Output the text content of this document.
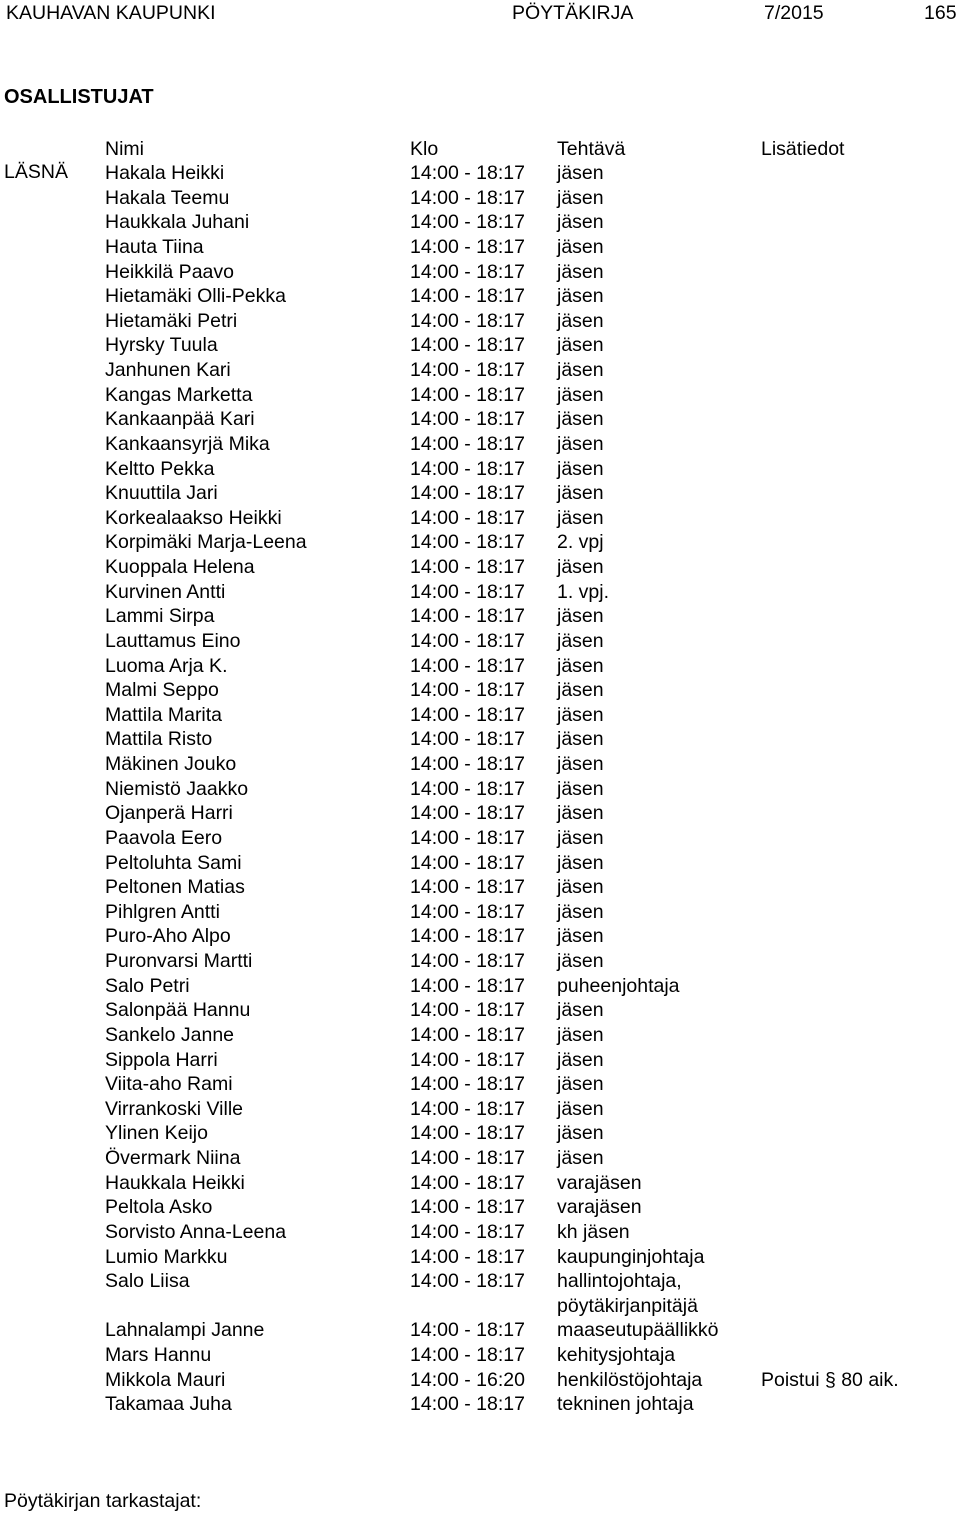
KAUHAVAN KAUPUNKI	PÖYTÄKIRJA	7/2015	165
OSALLISTUJAT
Nimi	Klo	Tehtävä	Lisätiedot
LÄSNÄ Hakala Heikki	14:00 - 18:17 jäsen
Hakala Teemu	14:00 - 18:17 jäsen
Haukkala Juhani	14:00 - 18:17 jäsen
Hauta Tiina	14:00 - 18:17 jäsen
Heikkilä Paavo	14:00 - 18:17 jäsen
Hietamäki Olli-Pekka	14:00 - 18:17 jäsen
Hietamäki Petri	14:00 - 18:17 jäsen
Hyrsky Tuula	14:00 - 18:17 jäsen
Janhunen Kari	14:00 - 18:17 jäsen
Kangas Marketta	14:00 - 18:17 jäsen
Kankaanpää Kari	14:00 - 18:17 jäsen
Kankaansyrjä Mika	14:00 - 18:17 jäsen
Keltto Pekka	14:00 - 18:17 jäsen
Knuuttila Jari	14:00 - 18:17 jäsen
Korkealaakso Heikki	14:00 - 18:17 jäsen
Korpimäki Marja-Leena	14:00 - 18:17 2. vpj
Kuoppala Helena	14:00 - 18:17 jäsen
Kurvinen Antti	14:00 - 18:17 1. vpj.
Lammi Sirpa	14:00 - 18:17 jäsen
Lauttamus Eino	14:00 - 18:17 jäsen
Luoma Arja K.	14:00 - 18:17 jäsen
Malmi Seppo	14:00 - 18:17 jäsen
Mattila Marita	14:00 - 18:17 jäsen
Mattila Risto	14:00 - 18:17 jäsen
Mäkinen Jouko	14:00 - 18:17 jäsen
Niemistö Jaakko	14:00 - 18:17 jäsen
Ojanperä Harri	14:00 - 18:17 jäsen
Paavola Eero	14:00 - 18:17 jäsen
Peltoluhta Sami	14:00 - 18:17 jäsen
Peltonen Matias	14:00 - 18:17 jäsen
Pihlgren Antti	14:00 - 18:17 jäsen
Puro-Aho Alpo	14:00 - 18:17 jäsen
Puronvarsi Martti	14:00 - 18:17 jäsen
Salo Petri	14:00 - 18:17 puheenjohtaja
Salonpää Hannu	14:00 - 18:17 jäsen
Sankelo Janne	14:00 - 18:17 jäsen
Sippola Harri	14:00 - 18:17 jäsen
Viita-aho Rami	14:00 - 18:17 jäsen
Virrankoski Ville	14:00 - 18:17 jäsen
Ylinen Keijo	14:00 - 18:17 jäsen
Övermark Niina	14:00 - 18:17 jäsen
Haukkala Heikki	14:00 - 18:17 varajäsen
Peltola Asko	14:00 - 18:17 varajäsen
Sorvisto Anna-Leena	14:00 - 18:17 kh jäsen
Lumio Markku	14:00 - 18:17 kaupunginjohtaja
Salo Liisa	14:00 - 18:17 hallintojohtaja,
pöytäkirjanpitäjä
Lahnalampi Janne	14:00 - 18:17 maaseutupäällikkö
Mars Hannu	14:00 - 18:17 kehitysjohtaja
Mikkola Mauri	14:00 - 16:20 henkilöstöjohtaja	Poistui § 80 aik.
Takamaa Juha	14:00 - 18:17 tekninen johtaja
Pöytäkirjan tarkastajat:
